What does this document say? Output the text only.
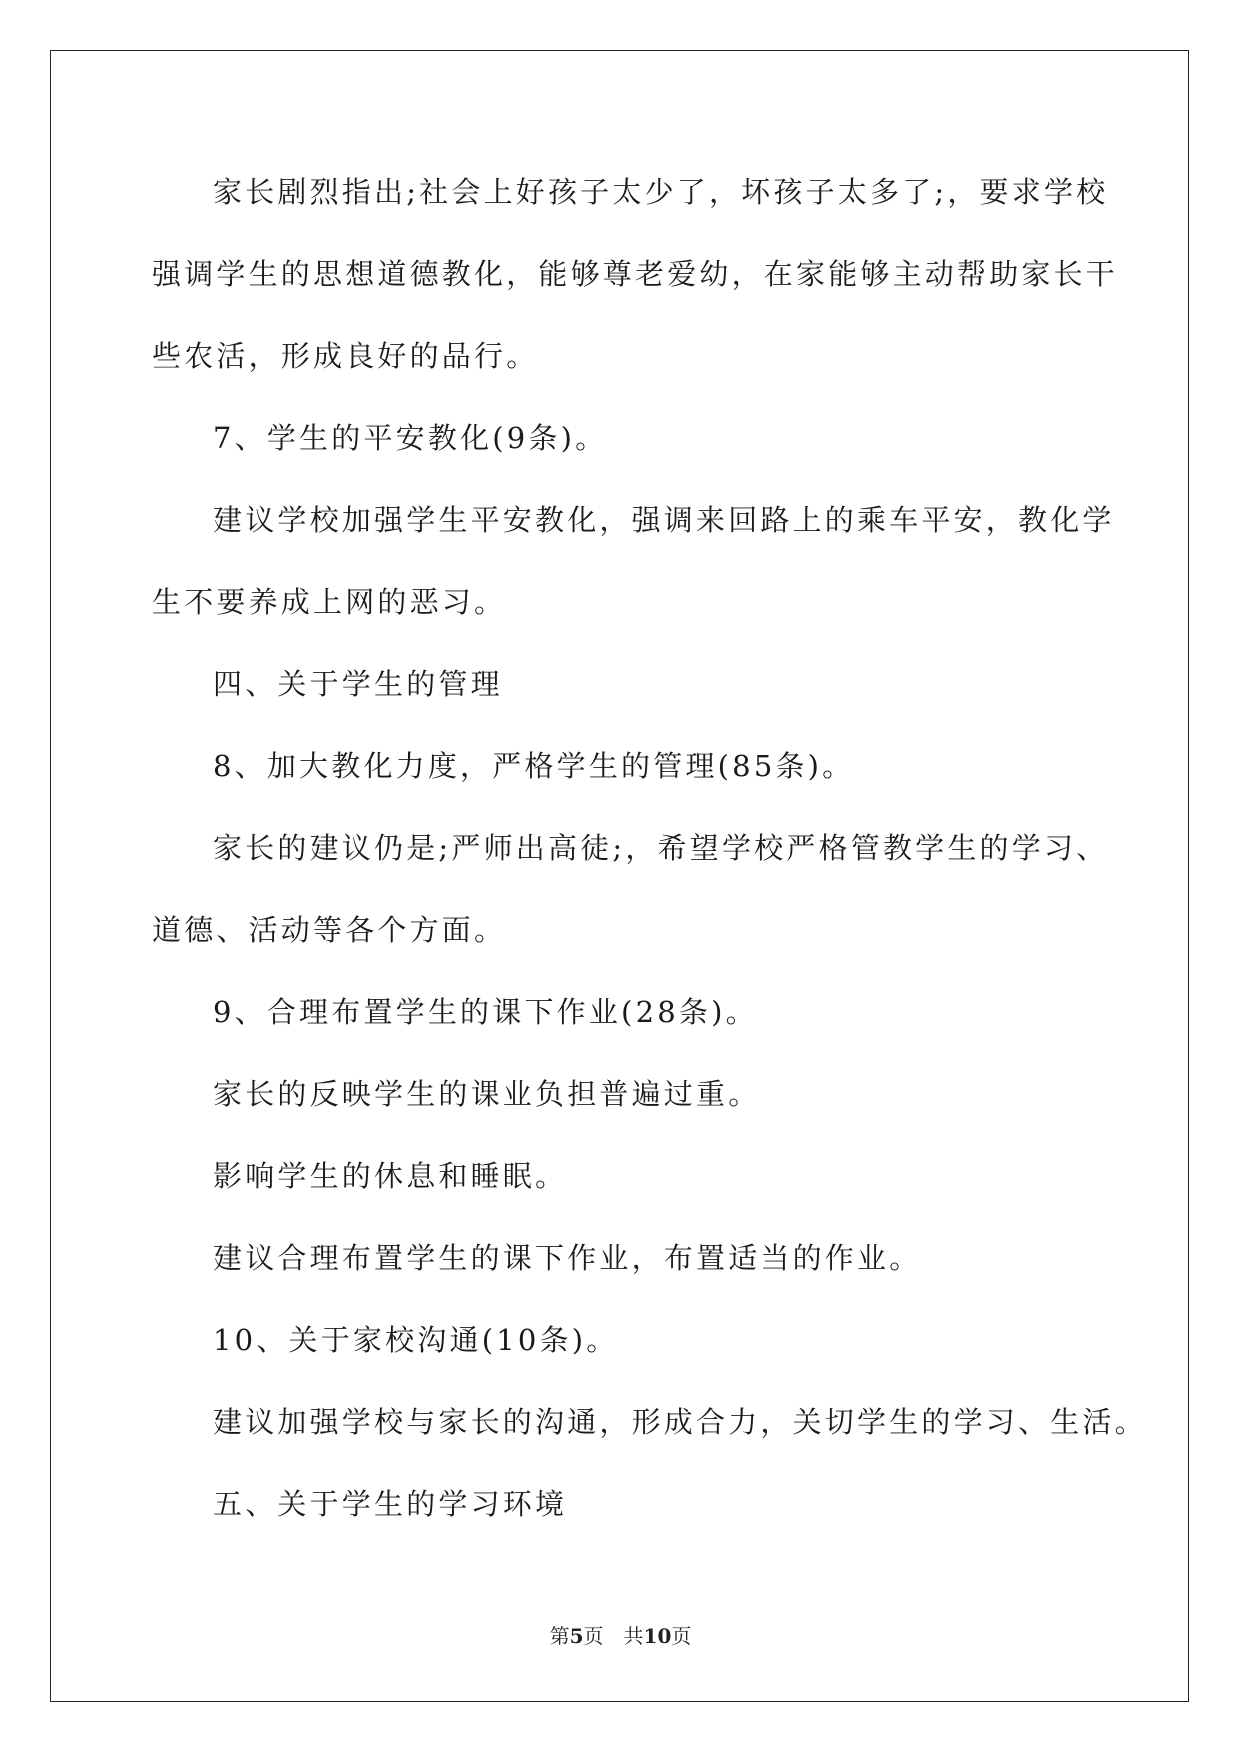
家长剧烈指出;社会上好孩子太少了，坏孩子太多了;，要求学校
强调学生的思想道德教化，能够尊老爱幼，在家能够主动帮助家长干
些农活，形成良好的品行。
7、学生的平安教化(9条)。
建议学校加强学生平安教化，强调来回路上的乘车平安，教化学
生不要养成上网的恶习。
四、关于学生的管理
8、加大教化力度，严格学生的管理(85条)。
家长的建议仍是;严师出高徒;，希望学校严格管教学生的学习、
道德、活动等各个方面。
9、合理布置学生的课下作业(28条)。
家长的反映学生的课业负担普遍过重。
影响学生的休息和睡眠。
建议合理布置学生的课下作业，布置适当的作业。
10、关于家校沟通(10条)。
建议加强学校与家长的沟通，形成合力，关切学生的学习、生活。
五、关于学生的学习环境
第5页 共10页
